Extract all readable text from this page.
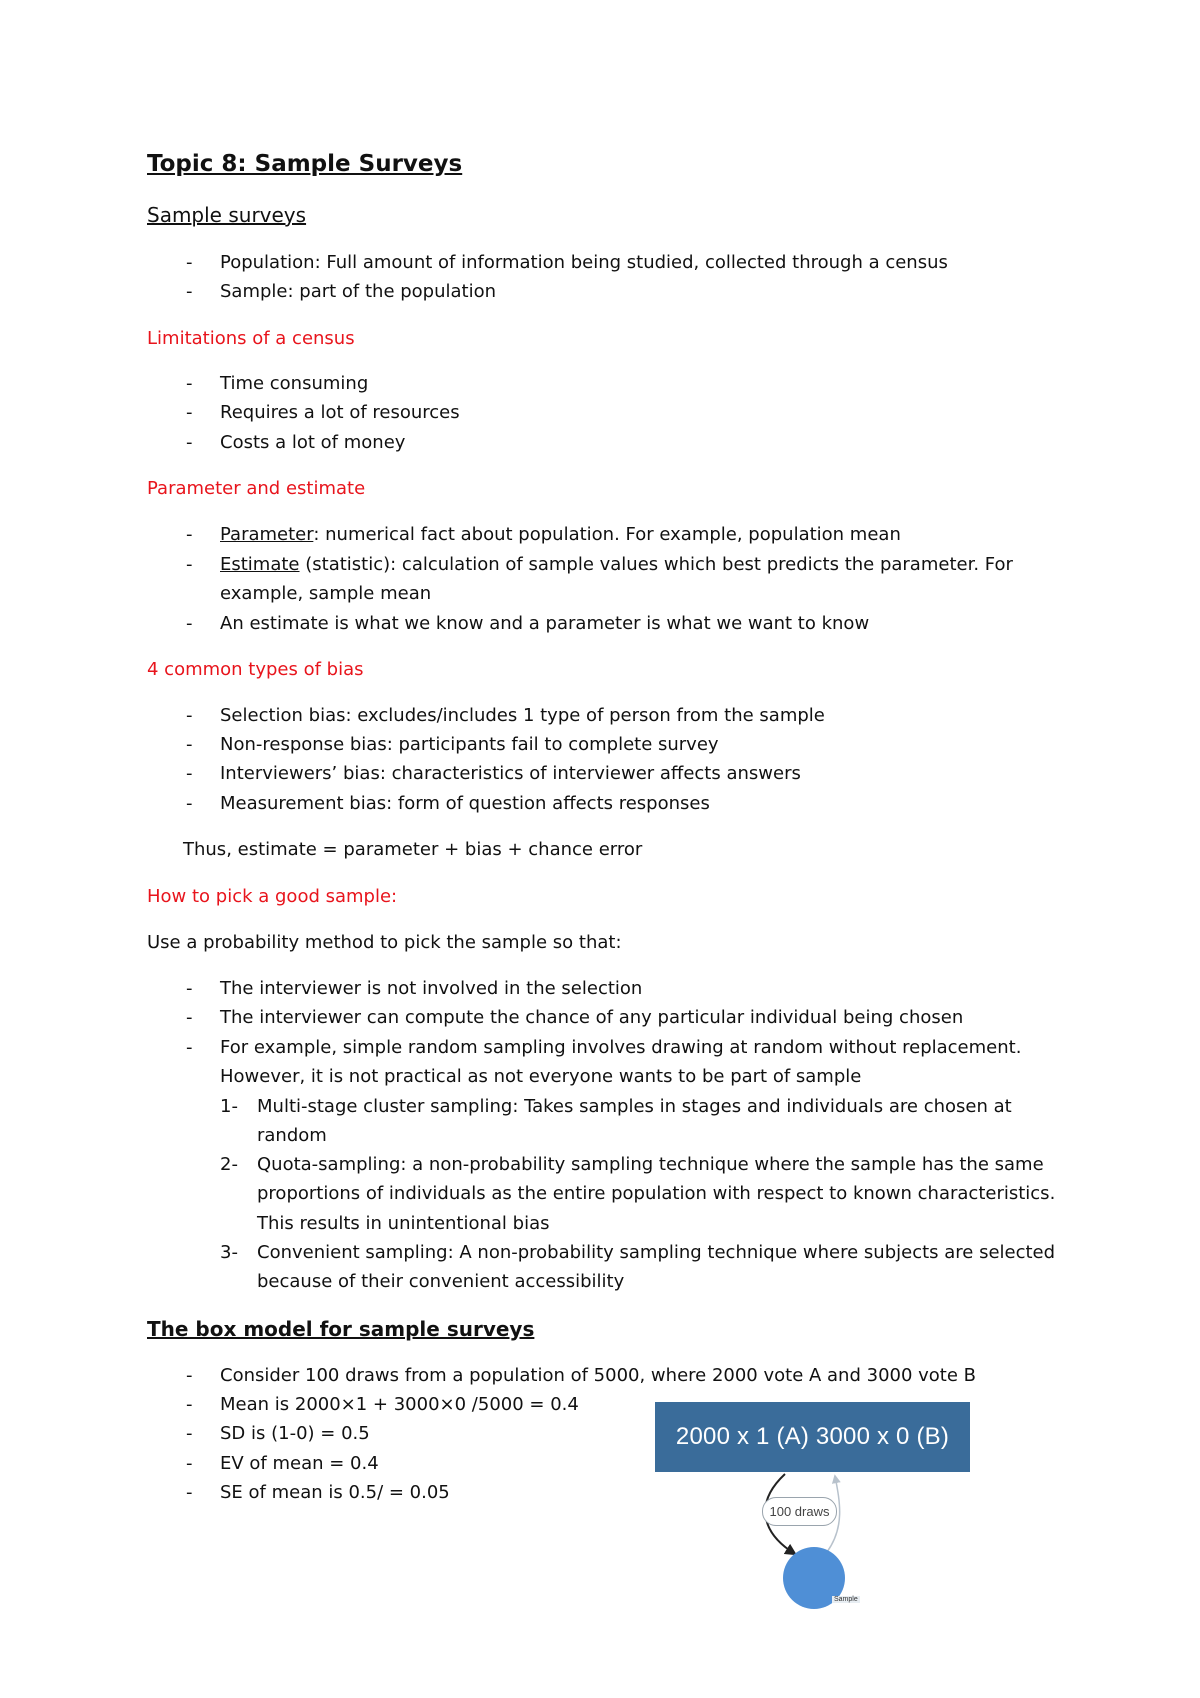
Topic 8: Sample Surveys
Sample surveys
- Population: Full amount of information being studied, collected through a census
- Sample: part of the population
Limitations of a census
- Time consuming
- Requires a lot of resources
- Costs a lot of money
Parameter and estimate
- Parameter: numerical fact about population. For example, population mean
- Estimate (statistic): calculation of sample values which best predicts the parameter. For
example, sample mean
- An estimate is what we know and a parameter is what we want to know
4 common types of bias
- Selection bias: excludes/includes 1 type of person from the sample
- Non-response bias: participants fail to complete survey
- Interviewers’ bias: characteristics of interviewer affects answers
- Measurement bias: form of question affects responses
Thus, estimate = parameter + bias + chance error
How to pick a good sample:
Use a probability method to pick the sample so that:
- The interviewer is not involved in the selection
- The interviewer can compute the chance of any particular individual being chosen
- For example, simple random sampling involves drawing at random without replacement.
However, it is not practical as not everyone wants to be part of sample
1- Multi-stage cluster sampling: Takes samples in stages and individuals are chosen at
random
2- Quota-sampling: a non-probability sampling technique where the sample has the same
proportions of individuals as the entire population with respect to known characteristics.
This results in unintentional bias
3- Convenient sampling: A non-probability sampling technique where subjects are selected
because of their convenient accessibility
The box model for sample surveys
- Consider 100 draws from a population of 5000, where 2000 vote A and 3000 vote B
- Mean is 2000×1 + 3000×0 /5000 = 0.4
- SD is (1-0) = 0.5
- EV of mean = 0.4
- SE of mean is 0.5/ = 0.05
2000 x 1 (A) 3000 x 0 (B)
100 draws
Sample
